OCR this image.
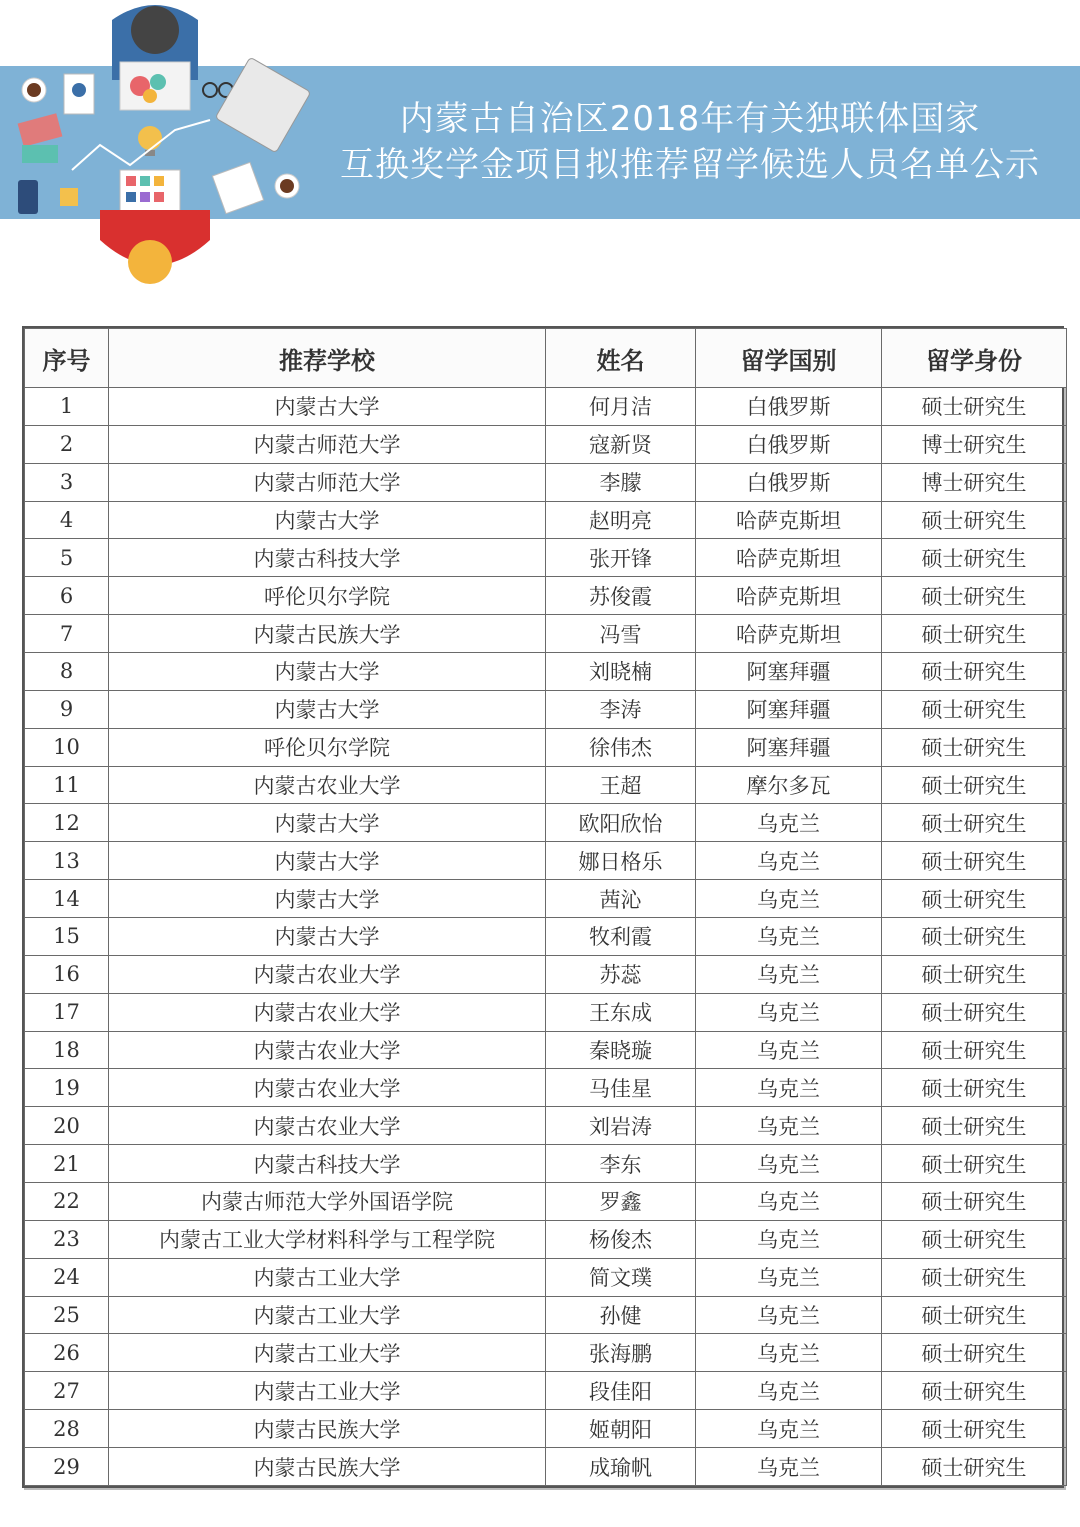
内蒙古自治区2018年有关独联体国家
互换奖学金项目拟推荐留学候选人员名单公示
序号	推荐学校	姓名	留学国别	留学身份
1	内蒙古大学	何月洁	白俄罗斯	硕士研究生
2	内蒙古师范大学	寇新贤	白俄罗斯	博士研究生
3	内蒙古师范大学	李朦	白俄罗斯	博士研究生
4	内蒙古大学	赵明亮	哈萨克斯坦	硕士研究生
5	内蒙古科技大学	张开锋	哈萨克斯坦	硕士研究生
6	呼伦贝尔学院	苏俊霞	哈萨克斯坦	硕士研究生
7	内蒙古民族大学	冯雪	哈萨克斯坦	硕士研究生
8	内蒙古大学	刘晓楠	阿塞拜疆	硕士研究生
9	内蒙古大学	李涛	阿塞拜疆	硕士研究生
10	呼伦贝尔学院	徐伟杰	阿塞拜疆	硕士研究生
11	内蒙古农业大学	王超	摩尔多瓦	硕士研究生
12	内蒙古大学	欧阳欣怡	乌克兰	硕士研究生
13	内蒙古大学	娜日格乐	乌克兰	硕士研究生
14	内蒙古大学	茜沁	乌克兰	硕士研究生
15	内蒙古大学	牧利霞	乌克兰	硕士研究生
16	内蒙古农业大学	苏蕊	乌克兰	硕士研究生
17	内蒙古农业大学	王东成	乌克兰	硕士研究生
18	内蒙古农业大学	秦晓璇	乌克兰	硕士研究生
19	内蒙古农业大学	马佳星	乌克兰	硕士研究生
20	内蒙古农业大学	刘岩涛	乌克兰	硕士研究生
21	内蒙古科技大学	李东	乌克兰	硕士研究生
22	内蒙古师范大学外国语学院	罗鑫	乌克兰	硕士研究生
23	内蒙古工业大学材料科学与工程学院	杨俊杰	乌克兰	硕士研究生
24	内蒙古工业大学	简文璞	乌克兰	硕士研究生
25	内蒙古工业大学	孙健	乌克兰	硕士研究生
26	内蒙古工业大学	张海鹏	乌克兰	硕士研究生
27	内蒙古工业大学	段佳阳	乌克兰	硕士研究生
28	内蒙古民族大学	姬朝阳	乌克兰	硕士研究生
29	内蒙古民族大学	成瑜帆	乌克兰	硕士研究生
